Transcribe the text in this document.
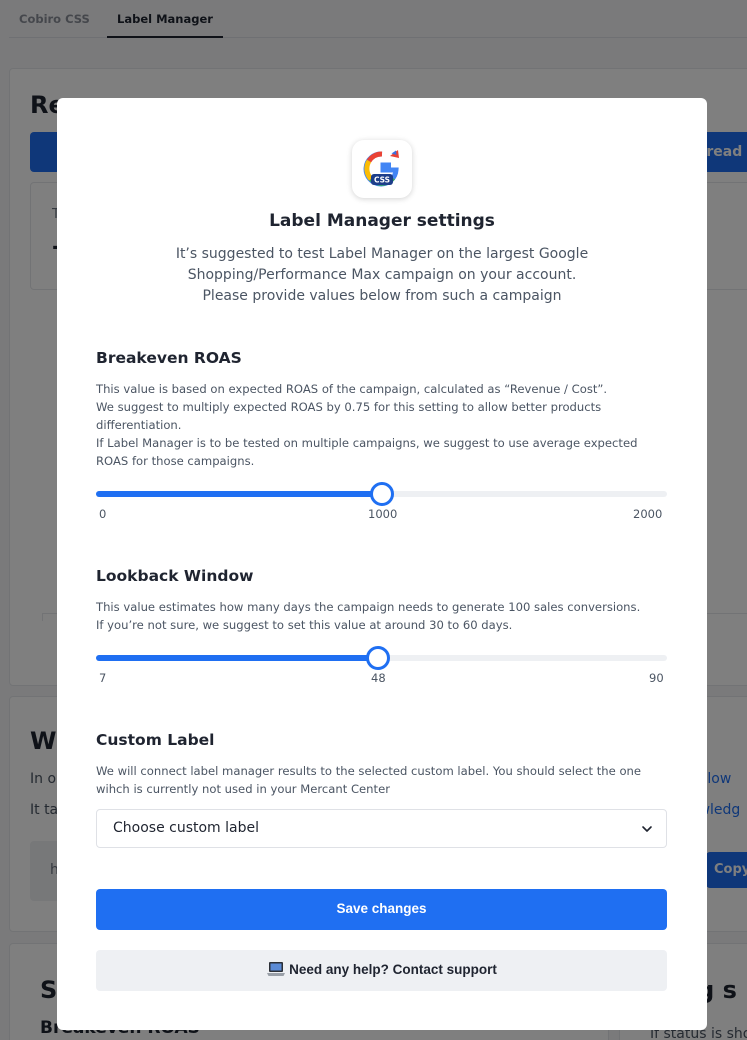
CSS
Label Manager settings
It’s suggested to test Label Manager on the largest Google
Shopping/Performance Max campaign on your account.
Please provide values below from such a campaign
Breakeven ROAS
This value is based on expected ROAS of the campaign, calculated as “Revenue / Cost”.
We suggest to multiply expected ROAS by 0.75 for this setting to allow better products
differentiation.
If Label Manager is to be tested on multiple campaigns, we suggest to use average expected
ROAS for those campaigns.
0	1000	2000
Lookback Window
This value estimates how many days the campaign needs to generate 100 sales conversions.
If you’re not sure, we suggest to set this value at around 30 to 60 days.
7	48	90
Custom Label
We will connect label manager results to the selected custom label. You should select the one
wihch is currently not used in your Mercant Center
Choose custom label
Save changes
Need any help? Contact support
